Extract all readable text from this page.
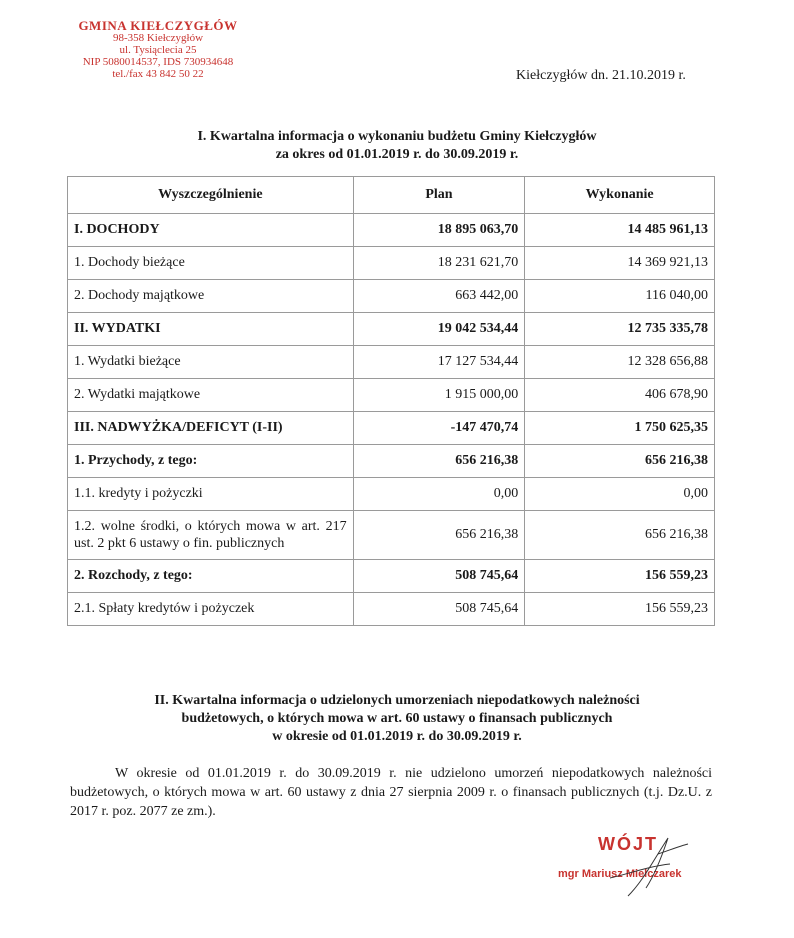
GMINA KIEŁCZYGŁÓW
98-358 Kiełczygłów
ul. Tysiąclecia 25
NIP 5080014537, IDS 730934648
tel./fax 43 842 50 22	Kiełczygłów dn. 21.10.2019 r.
I. Kwartalna informacja o wykonaniu budżetu Gminy Kiełczygłów
za okres od 01.01.2019 r. do 30.09.2019 r.
Wyszczególnienie	Plan	Wykonanie
I. DOCHODY	18 895 063,70	14 485 961,13
1. Dochody bieżące	18 231 621,70	14 369 921,13
2. Dochody majątkowe	663 442,00	116 040,00
II. WYDATKI	19 042 534,44	12 735 335,78
1. Wydatki bieżące	17 127 534,44	12 328 656,88
2. Wydatki majątkowe	1 915 000,00	406 678,90
III. NADWYŻKA/DEFICYT (I-II)	-147 470,74	1 750 625,35
1. Przychody, z tego:	656 216,38	656 216,38
1.1. kredyty i pożyczki	0,00	0,00
1.2. wolne środki, o których mowa w art. 217 ust. 2 pkt 6 ustawy o fin. publicznych	656 216,38	656 216,38
2. Rozchody, z tego:	508 745,64	156 559,23
2.1. Spłaty kredytów i pożyczek	508 745,64	156 559,23
II. Kwartalna informacja o udzielonych umorzeniach niepodatkowych należności
budżetowych, o których mowa w art. 60 ustawy o finansach publicznych
w okresie od 01.01.2019 r. do 30.09.2019 r.
W okresie od 01.01.2019 r. do 30.09.2019 r. nie udzielono umorzeń niepodatkowych należności budżetowych, o których mowa w art. 60 ustawy z dnia 27 sierpnia 2009 r. o finansach publicznych (t.j. Dz.U. z 2017 r. poz. 2077 ze zm.).
WÓJT
mgr Mariusz Mielczarek
